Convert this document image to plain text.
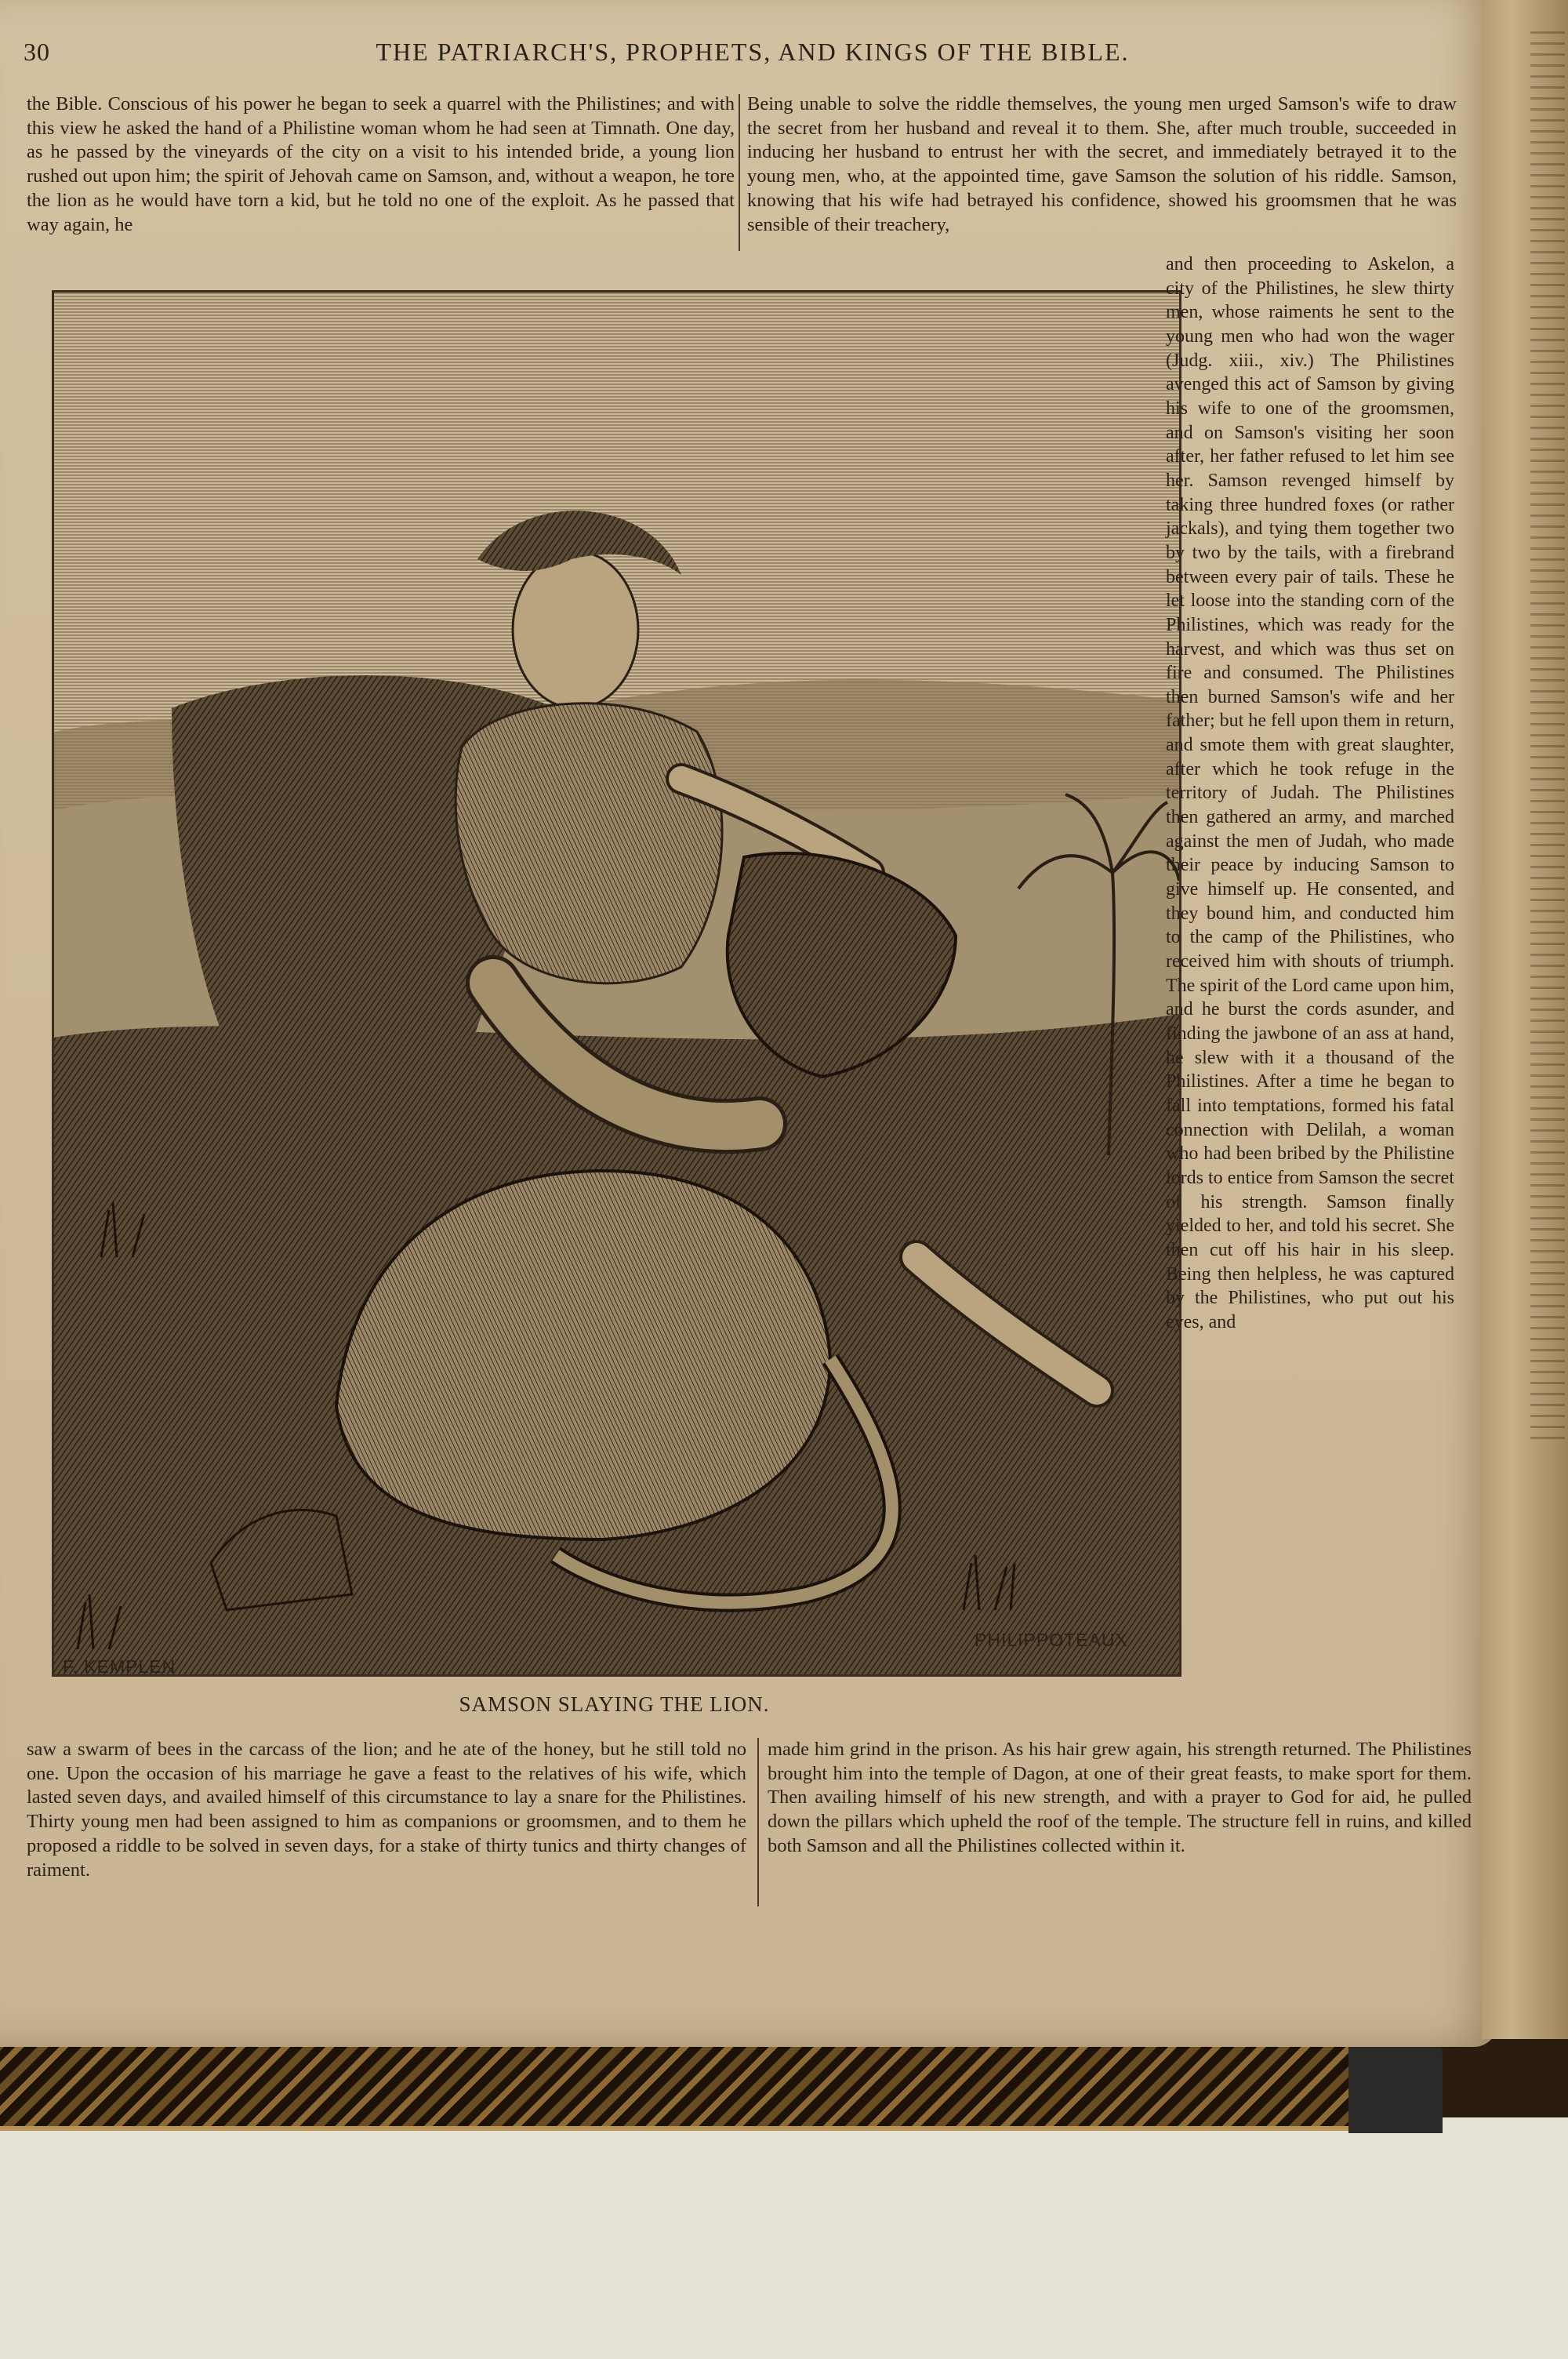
30	THE PATRIARCH'S, PROPHETS, AND KINGS OF THE BIBLE.

the Bible. Conscious of his power he began to seek a quarrel with the Philistines; and with this view he asked the hand of a Philistine woman whom he had seen at Timnath. One day, as he passed by the vineyards of the city on a visit to his intended bride, a young lion rushed out upon him; the spirit of Jehovah came on Samson, and, without a weapon, he tore the lion as he would have torn a kid, but he told no one of the exploit. As he passed that way again, he

Being unable to solve the riddle themselves, the young men urged Samson's wife to draw the secret from her husband and reveal it to them. She, after much trouble, succeeded in inducing her husband to entrust her with the secret, and immediately betrayed it to the young men, who, at the appointed time, gave Samson the solution of his riddle. Samson, knowing that his wife had betrayed his confidence, showed his groomsmen that he was sensible of their treachery,

F. KEMPLEN
PHILIPPOTEAUX

and then proceeding to Askelon, a city of the Philistines, he slew thirty men, whose raiments he sent to the young men who had won the wager (Judg. xiii., xiv.) The Philistines avenged this act of Samson by giving his wife to one of the groomsmen, and on Samson's visiting her soon after, her father refused to let him see her. Samson revenged himself by taking three hundred foxes (or rather jackals), and tying them together two by two by the tails, with a firebrand between every pair of tails. These he let loose into the standing corn of the Philistines, which was ready for the harvest, and which was thus set on fire and consumed. The Philistines then burned Samson's wife and her father; but he fell upon them in return, and smote them with great slaughter, after which he took refuge in the territory of Judah. The Philistines then gathered an army, and marched against the men of Judah, who made their peace by inducing Samson to give himself up. He consented, and they bound him, and conducted him to the camp of the Philistines, who received him with shouts of triumph. The spirit of the Lord came upon him, and he burst the cords asunder, and finding the jawbone of an ass at hand, he slew with it a thousand of the Philistines. After a time he began to fall into temptations, formed his fatal connection with Delilah, a woman who had been bribed by the Philistine lords to entice from Samson the secret of his strength. Samson finally yielded to her, and told his secret. She then cut off his hair in his sleep. Being then helpless, he was captured by the Philistines, who put out his eyes, and

SAMSON SLAYING THE LION.

saw a swarm of bees in the carcass of the lion; and he ate of the honey, but he still told no one. Upon the occasion of his marriage he gave a feast to the relatives of his wife, which lasted seven days, and availed himself of this circumstance to lay a snare for the Philistines. Thirty young men had been assigned to him as companions or groomsmen, and to them he proposed a riddle to be solved in seven days, for a stake of thirty tunics and thirty changes of raiment.

made him grind in the prison. As his hair grew again, his strength returned. The Philistines brought him into the temple of Dagon, at one of their great feasts, to make sport for them. Then availing himself of his new strength, and with a prayer to God for aid, he pulled down the pillars which upheld the roof of the temple. The structure fell in ruins, and killed both Samson and all the Philistines collected within it.
